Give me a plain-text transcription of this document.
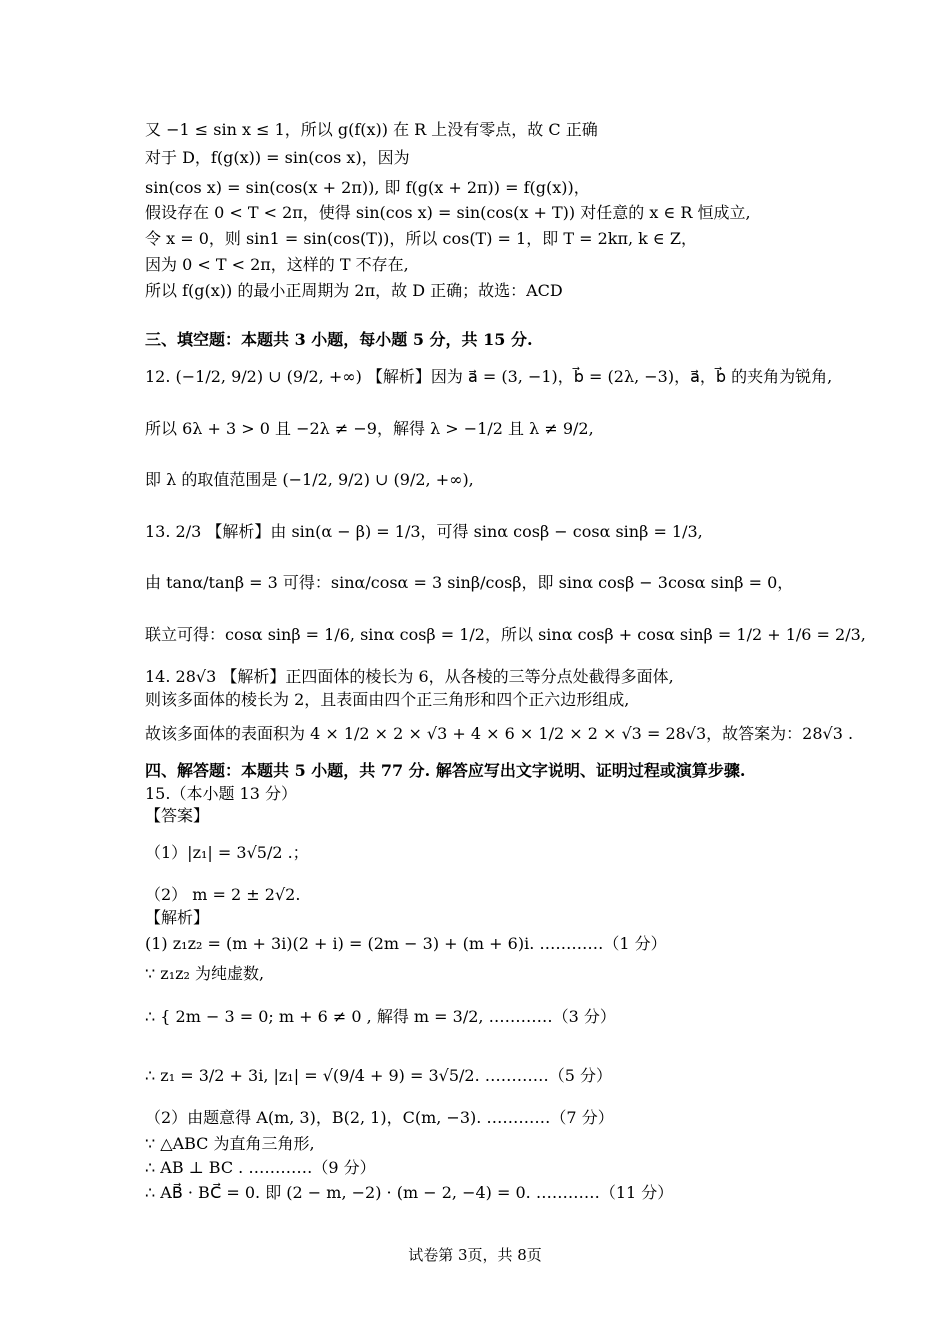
又 −1 ≤ sin x ≤ 1，所以 g(f(x)) 在 R 上没有零点，故 C 正确
对于 D，f(g(x)) = sin(cos x)，因为
sin(cos x) = sin(cos(x + 2π)), 即 f(g(x + 2π)) = f(g(x))，
假设存在 0 < T < 2π，使得 sin(cos x) = sin(cos(x + T)) 对任意的 x ∈ R 恒成立,
令 x = 0，则 sin1 = sin(cos(T))，所以 cos(T) = 1，即 T = 2kπ, k ∈ Z，
因为 0 < T < 2π，这样的 T 不存在,
所以 f(g(x)) 的最小正周期为 2π，故 D 正确；故选：ACD
三、填空题：本题共 3 小题，每小题 5 分，共 15 分.
12. (−1/2, 9/2) ∪ (9/2, +∞) 【解析】因为 a⃗ = (3, −1)，b⃗ = (2λ, −3)，a⃗，b⃗ 的夹角为锐角,
所以 6λ + 3 > 0 且 −2λ ≠ −9，解得 λ > −1/2 且 λ ≠ 9/2,
即 λ 的取值范围是 (−1/2, 9/2) ∪ (9/2, +∞),
13. 2/3 【解析】由 sin(α − β) = 1/3，可得 sinα cosβ − cosα sinβ = 1/3,
由 tanα/tanβ = 3 可得：sinα/cosα = 3 sinβ/cosβ，即 sinα cosβ − 3cosα sinβ = 0，
联立可得：cosα sinβ = 1/6, sinα cosβ = 1/2，所以 sinα cosβ + cosα sinβ = 1/2 + 1/6 = 2/3,
14. 28√3 【解析】正四面体的棱长为 6，从各棱的三等分点处截得多面体,
则该多面体的棱长为 2，且表面由四个正三角形和四个正六边形组成,
故该多面体的表面积为 4 × 1/2 × 2 × √3 + 4 × 6 × 1/2 × 2 × √3 = 28√3，故答案为：28√3 .
四、解答题：本题共 5 小题，共 77 分. 解答应写出文字说明、证明过程或演算步骤.
15.（本小题 13 分）
【答案】
（1）|z₁| = 3√5/2 .；
（2） m = 2 ± 2√2.
【解析】
(1) z₁z₂ = (m + 3i)(2 + i) = (2m − 3) + (m + 6)i. …………（1 分）
∵ z₁z₂ 为纯虚数,
∴ { 2m − 3 = 0; m + 6 ≠ 0 , 解得 m = 3/2, …………（3 分）
∴ z₁ = 3/2 + 3i, |z₁| = √(9/4 + 9) = 3√5/2. …………（5 分）
（2）由题意得 A(m, 3)，B(2, 1)，C(m, −3). …………（7 分）
∵ △ABC 为直角三角形,
∴ AB ⊥ BC . …………（9 分）
∴ AB⃗ · BC⃗ = 0. 即 (2 − m, −2) · (m − 2, −4) = 0. …………（11 分）
试卷第 3页，共 8页
